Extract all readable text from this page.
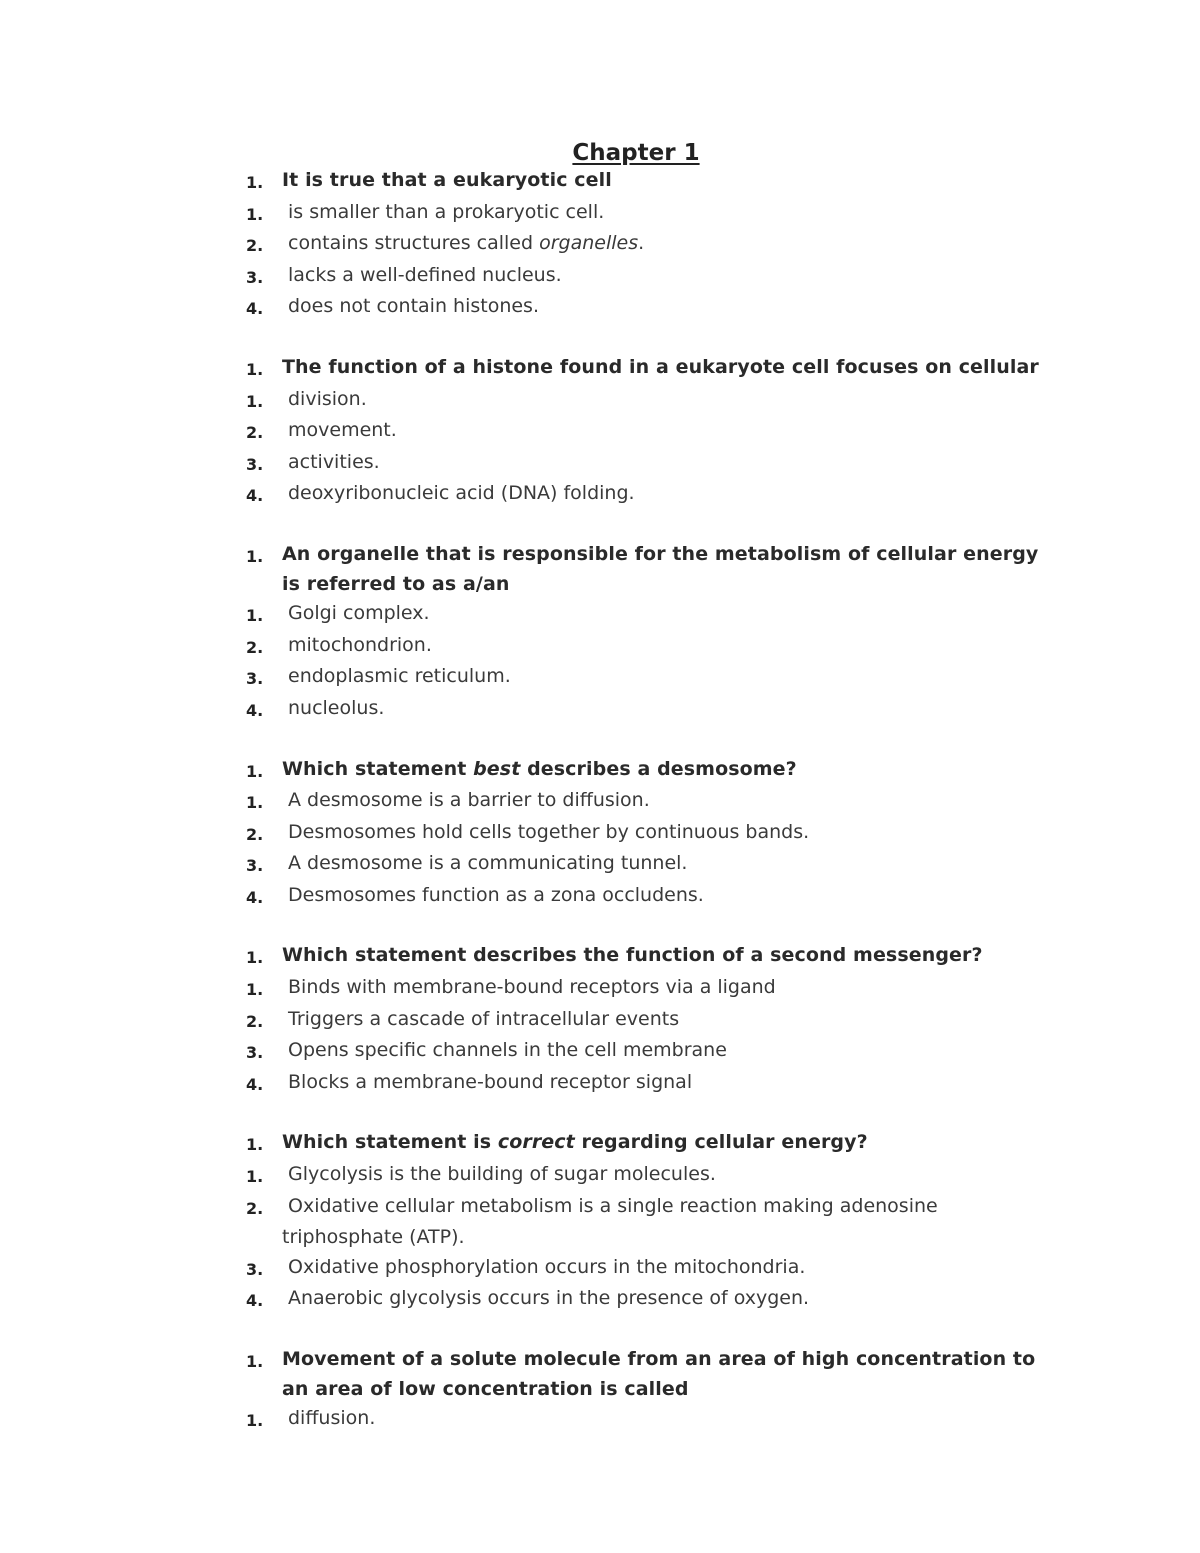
Chapter 1
1. It is true that a eukaryotic cell
1.	is smaller than a prokaryotic cell.
2.	contains structures called organelles.
3.	lacks a well-defined nucleus.
4.	does not contain histones.
1. The function of a histone found in a eukaryote cell focuses on cellular
1.	division.
2.	movement.
3.	activities.
4.	deoxyribonucleic acid (DNA) folding.
1. An organelle that is responsible for the metabolism of cellular energy is referred to as a/an
1.	Golgi complex.
2.	mitochondrion.
3.	endoplasmic reticulum.
4.	nucleolus.
1. Which statement best describes a desmosome?
1.	A desmosome is a barrier to diffusion.
2.	Desmosomes hold cells together by continuous bands.
3.	A desmosome is a communicating tunnel.
4.	Desmosomes function as a zona occludens.
1. Which statement describes the function of a second messenger?
1.	Binds with membrane-bound receptors via a ligand
2.	Triggers a cascade of intracellular events
3.	Opens specific channels in the cell membrane
4.	Blocks a membrane-bound receptor signal
1. Which statement is correct regarding cellular energy?
1.	Glycolysis is the building of sugar molecules.
2.	Oxidative cellular metabolism is a single reaction making adenosine
triphosphate (ATP).
3.	Oxidative phosphorylation occurs in the mitochondria.
4.	Anaerobic glycolysis occurs in the presence of oxygen.
1. Movement of a solute molecule from an area of high concentration to an area of low concentration is called
1.	diffusion.
